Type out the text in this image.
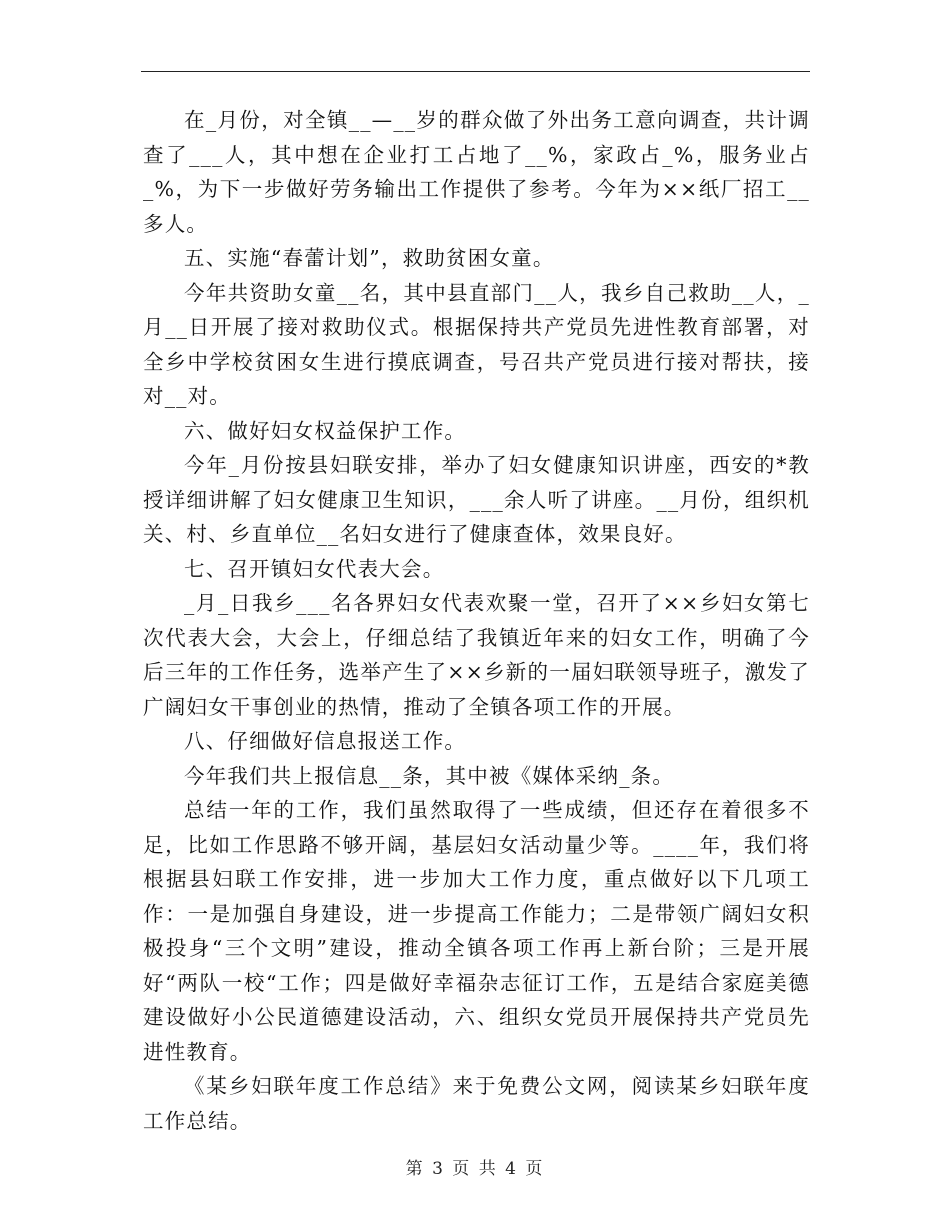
在_月份，对全镇__—__岁的群众做了外出务工意向调查，共计调查了___人，其中想在企业打工占地了__%，家政占_%，服务业占_%，为下一步做好劳务输出工作提供了参考。今年为××纸厂招工__多人。

五、实施“春蕾计划”，救助贫困女童。

今年共资助女童__名，其中县直部门__人，我乡自己救助__人，_月__日开展了接对救助仪式。根据保持共产党员先进性教育部署，对全乡中学校贫困女生进行摸底调查，号召共产党员进行接对帮扶，接对__对。

六、做好妇女权益保护工作。

今年_月份按县妇联安排，举办了妇女健康知识讲座，西安的*教授详细讲解了妇女健康卫生知识，___余人听了讲座。__月份，组织机关、村、乡直单位__名妇女进行了健康查体，效果良好。

七、召开镇妇女代表大会。

_月_日我乡___名各界妇女代表欢聚一堂，召开了××乡妇女第七次代表大会，大会上，仔细总结了我镇近年来的妇女工作，明确了今后三年的工作任务，选举产生了××乡新的一届妇联领导班子，激发了广阔妇女干事创业的热情，推动了全镇各项工作的开展。

八、仔细做好信息报送工作。

今年我们共上报信息__条，其中被《媒体采纳_条。

总结一年的工作，我们虽然取得了一些成绩，但还存在着很多不足，比如工作思路不够开阔，基层妇女活动量少等。____年，我们将根据县妇联工作安排，进一步加大工作力度，重点做好以下几项工作：一是加强自身建设，进一步提高工作能力；二是带领广阔妇女积极投身“三个文明”建设，推动全镇各项工作再上新台阶；三是开展好“两队一校“工作；四是做好幸福杂志征订工作，五是结合家庭美德建设做好小公民道德建设活动，六、组织女党员开展保持共产党员先进性教育。

《某乡妇联年度工作总结》来于免费公文网，阅读某乡妇联年度工作总结。

第 3 页 共 4 页
